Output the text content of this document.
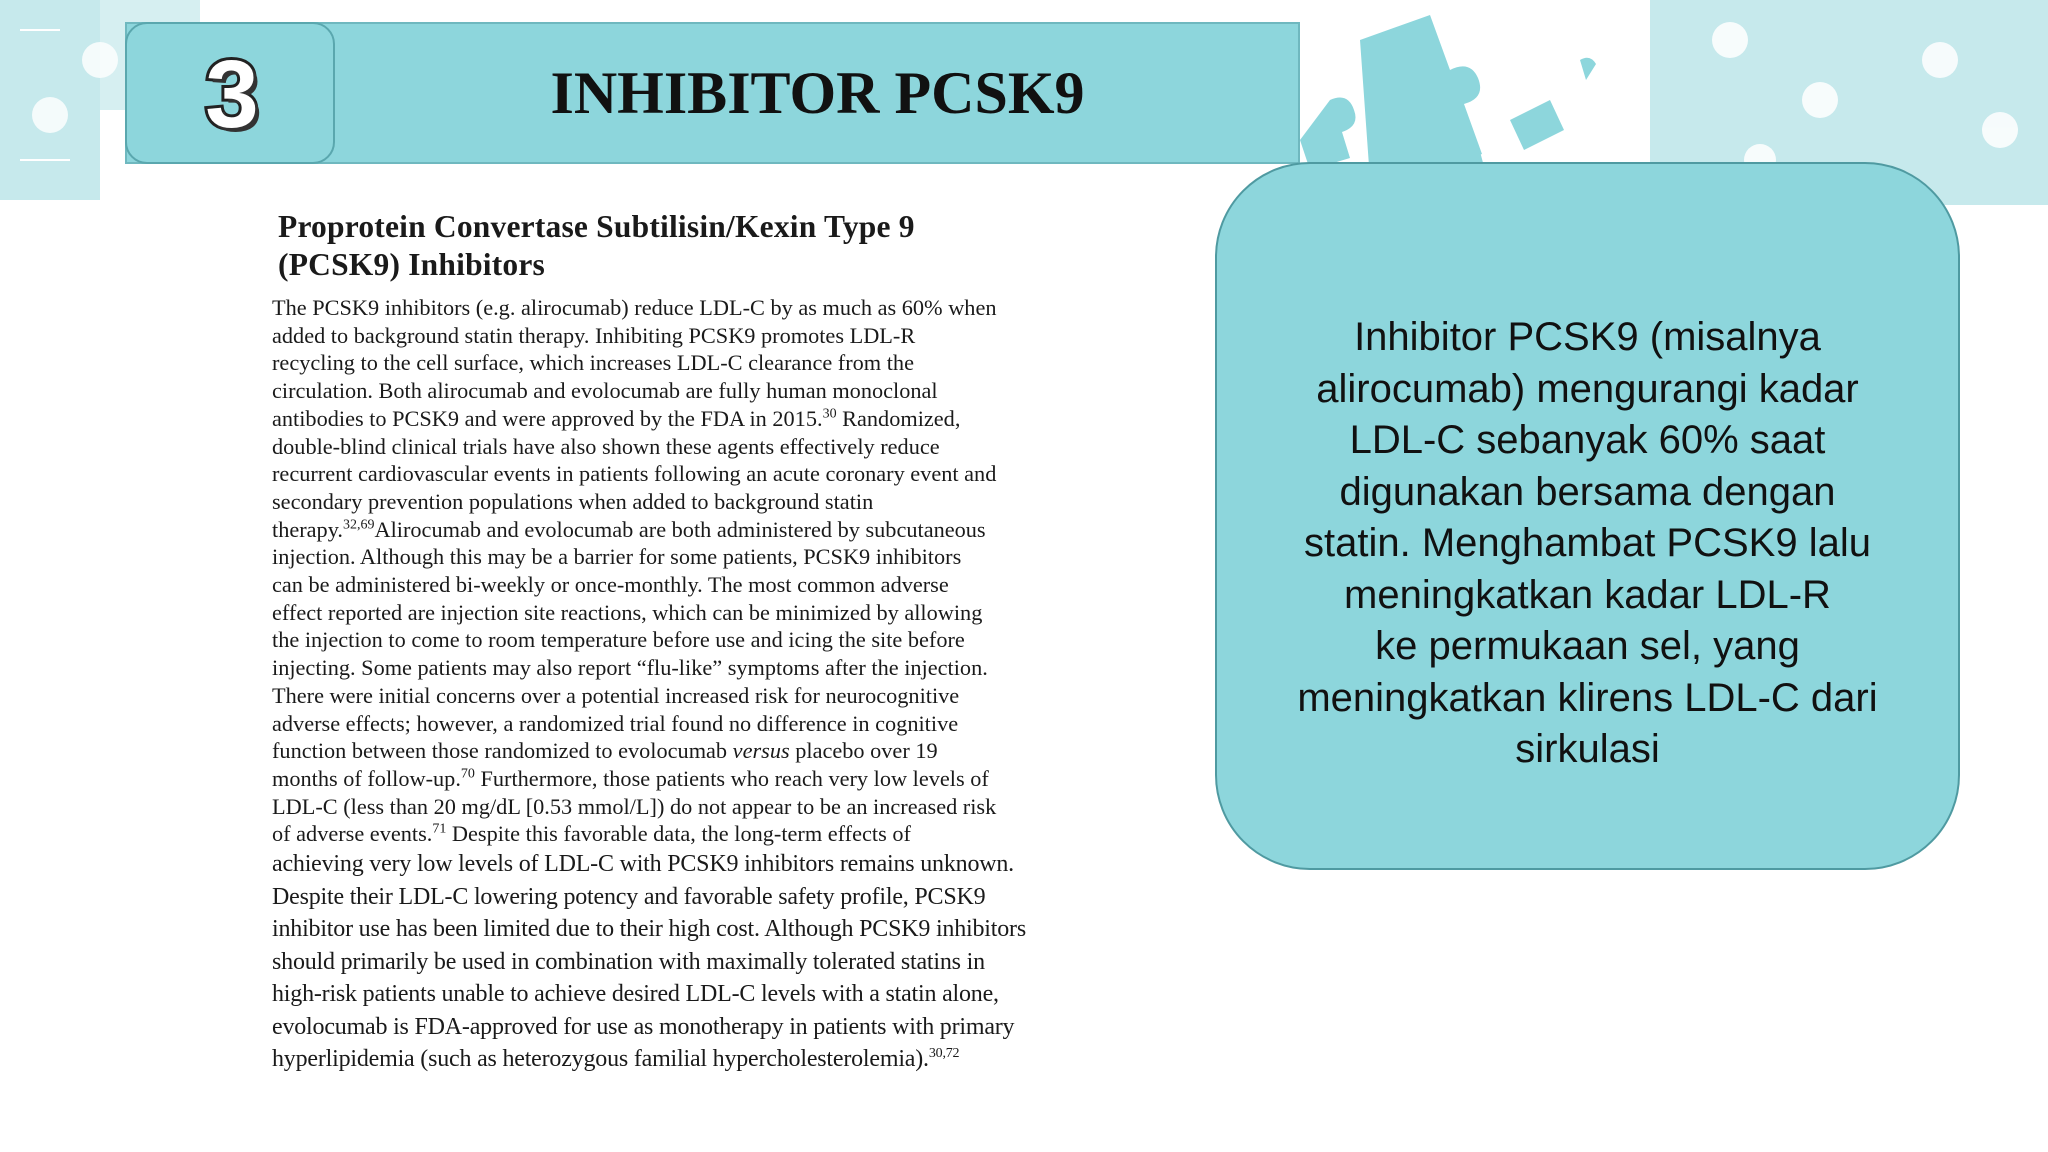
3	INHIBITOR PCSK9
Proprotein Convertase Subtilisin/Kexin Type 9
(PCSK9) Inhibitors
The PCSK9 inhibitors (e.g. alirocumab) reduce LDL-C by as much as 60% when
added to background statin therapy. Inhibiting PCSK9 promotes LDL-R
recycling to the cell surface, which increases LDL-C clearance from the
circulation. Both alirocumab and evolocumab are fully human monoclonal
antibodies to PCSK9 and were approved by the FDA in 2015.30 Randomized,
double-blind clinical trials have also shown these agents effectively reduce
recurrent cardiovascular events in patients following an acute coronary event and
secondary prevention populations when added to background statin
therapy.$^{32,69}$Alirocumab and evolocumab are both administered by subcutaneous
injection. Although this may be a barrier for some patients, PCSK9 inhibitors
can be administered bi-weekly or once-monthly. The most common adverse
effect reported are injection site reactions, which can be minimized by allowing
the injection to come to room temperature before use and icing the site before
injecting. Some patients may also report “flu-like” symptoms after the injection.
There were initial concerns over a potential increased risk for neurocognitive
adverse effects; however, a randomized trial found no difference in cognitive
function between those randomized to evolocumab versus placebo over 19
months of follow-up.$^{70}$ Furthermore, those patients who reach very low levels of
LDL-C (less than 20 mg/dL [0.53 mmol/L]) do not appear to be an increased risk
of adverse events.$^{71}$ Despite this favorable data, the long-term effects of
achieving very low levels of LDL-C with PCSK9 inhibitors remains unknown.
Despite their LDL-C lowering potency and favorable safety profile, PCSK9
inhibitor use has been limited due to their high cost. Although PCSK9 inhibitors
should primarily be used in combination with maximally tolerated statins in
high-risk patients unable to achieve desired LDL-C levels with a statin alone,
evolocumab is FDA-approved for use as monotherapy in patients with primary
hyperlipidemia (such as heterozygous familial hypercholesterolemia).$^{30,72}$
Inhibitor PCSK9 (misalnya
alirocumab) mengurangi kadar
LDL-C sebanyak 60% saat
digunakan bersama dengan
statin. Menghambat PCSK9 lalu
meningkatkan kadar LDL-R
ke permukaan sel, yang
meningkatkan klirens LDL-C dari
sirkulasi
